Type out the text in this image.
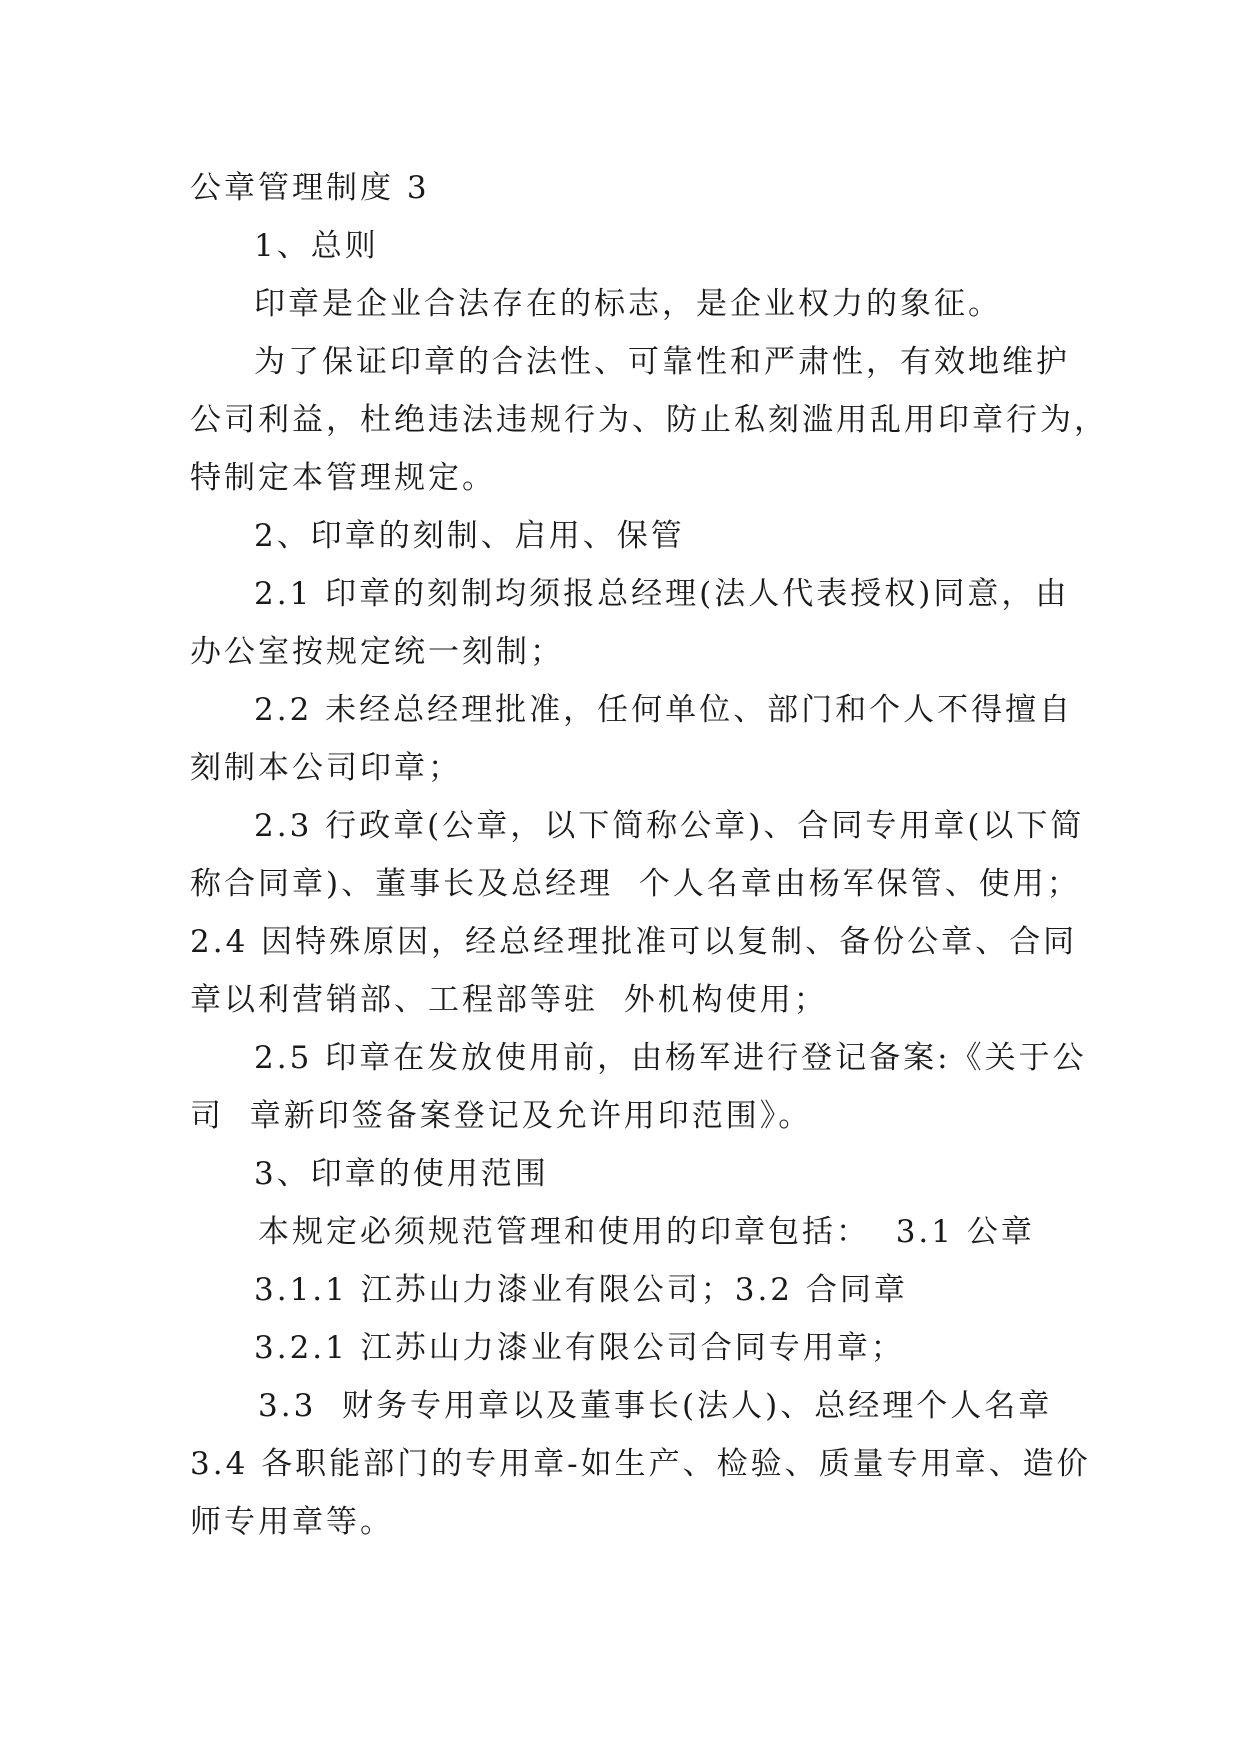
公章管理制度 3
1、总则
印章是企业合法存在的标志，是企业权力的象征。
为了保证印章的合法性、可靠性和严肃性，有效地维护
公司利益，杜绝违法违规行为、防止私刻滥用乱用印章行为，
特制定本管理规定。
2、印章的刻制、启用、保管
2.1 印章的刻制均须报总经理(法人代表授权)同意，由
办公室按规定统一刻制；
2.2 未经总经理批准，任何单位、部门和个人不得擅自
刻制本公司印章；
2.3 行政章(公章，以下简称公章)、合同专用章(以下简
称合同章)、董事长及总经理  个人名章由杨军保管、使用；
2.4 因特殊原因，经总经理批准可以复制、备份公章、合同
章以利营销部、工程部等驻  外机构使用；
2.5 印章在发放使用前，由杨军进行登记备案:《关于公
司  章新印签备案登记及允许用印范围》。
3、印章的使用范围
本规定必须规范管理和使用的印章包括：  3.1 公章
3.1.1 江苏山力漆业有限公司；3.2 合同章
3.2.1 江苏山力漆业有限公司合同专用章；
3.3  财务专用章以及董事长(法人)、总经理个人名章
3.4 各职能部门的专用章-如生产、检验、质量专用章、造价
师专用章等。
